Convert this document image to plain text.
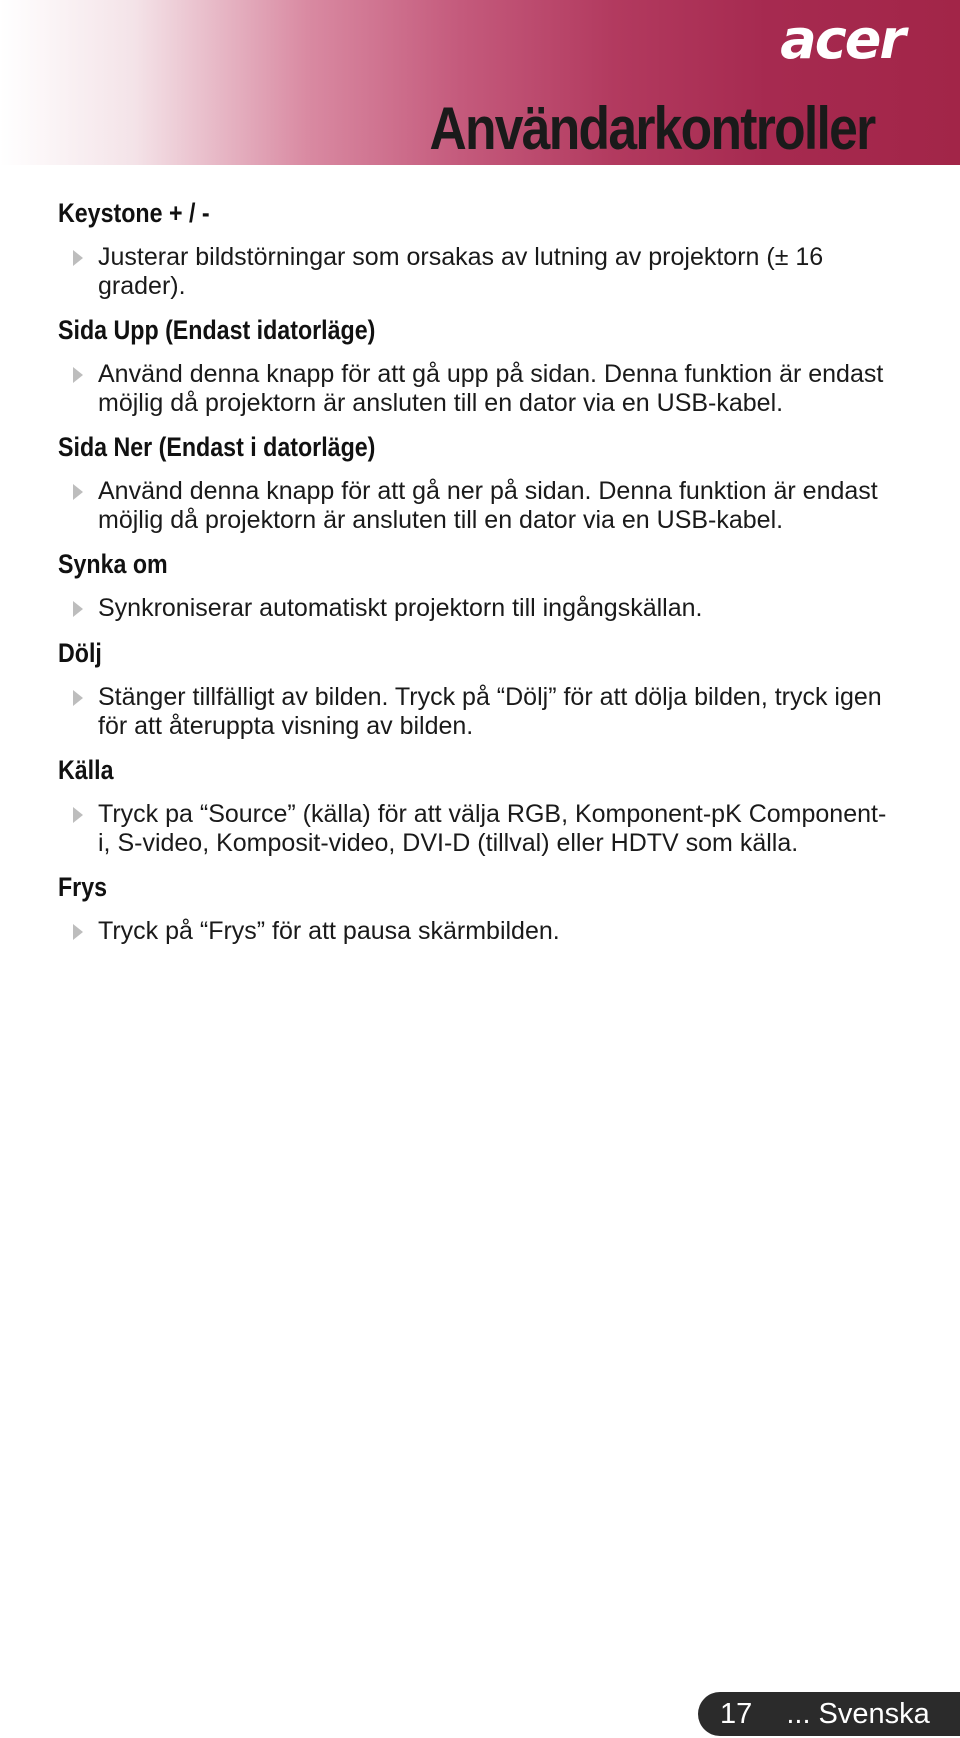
acer
Användarkontroller
Keystone + / -
Justerar bildstörningar som orsakas av lutning av projektorn (± 16 grader).
Sida Upp (Endast idatorläge)
Använd denna knapp för att gå upp på sidan. Denna funktion är endast möjlig då projektorn är ansluten till en dator via en USB-kabel.
Sida Ner (Endast i datorläge)
Använd denna knapp för att gå ner på sidan. Denna funktion är endast möjlig då projektorn är ansluten till en dator via en USB-kabel.
Synka om
Synkroniserar automatiskt projektorn till ingångskällan.
Dölj
Stänger tillfälligt av bilden. Tryck på “Dölj” för att dölja bilden, tryck igen för att återuppta visning av bilden.
Källa
Tryck pa “Source” (källa) för att välja RGB, Komponent-pK Component-i, S-video, Komposit-video, DVI-D (tillval) eller HDTV som källa.
Frys
Tryck på “Frys” för att pausa skärmbilden.
17 ... Svenska
